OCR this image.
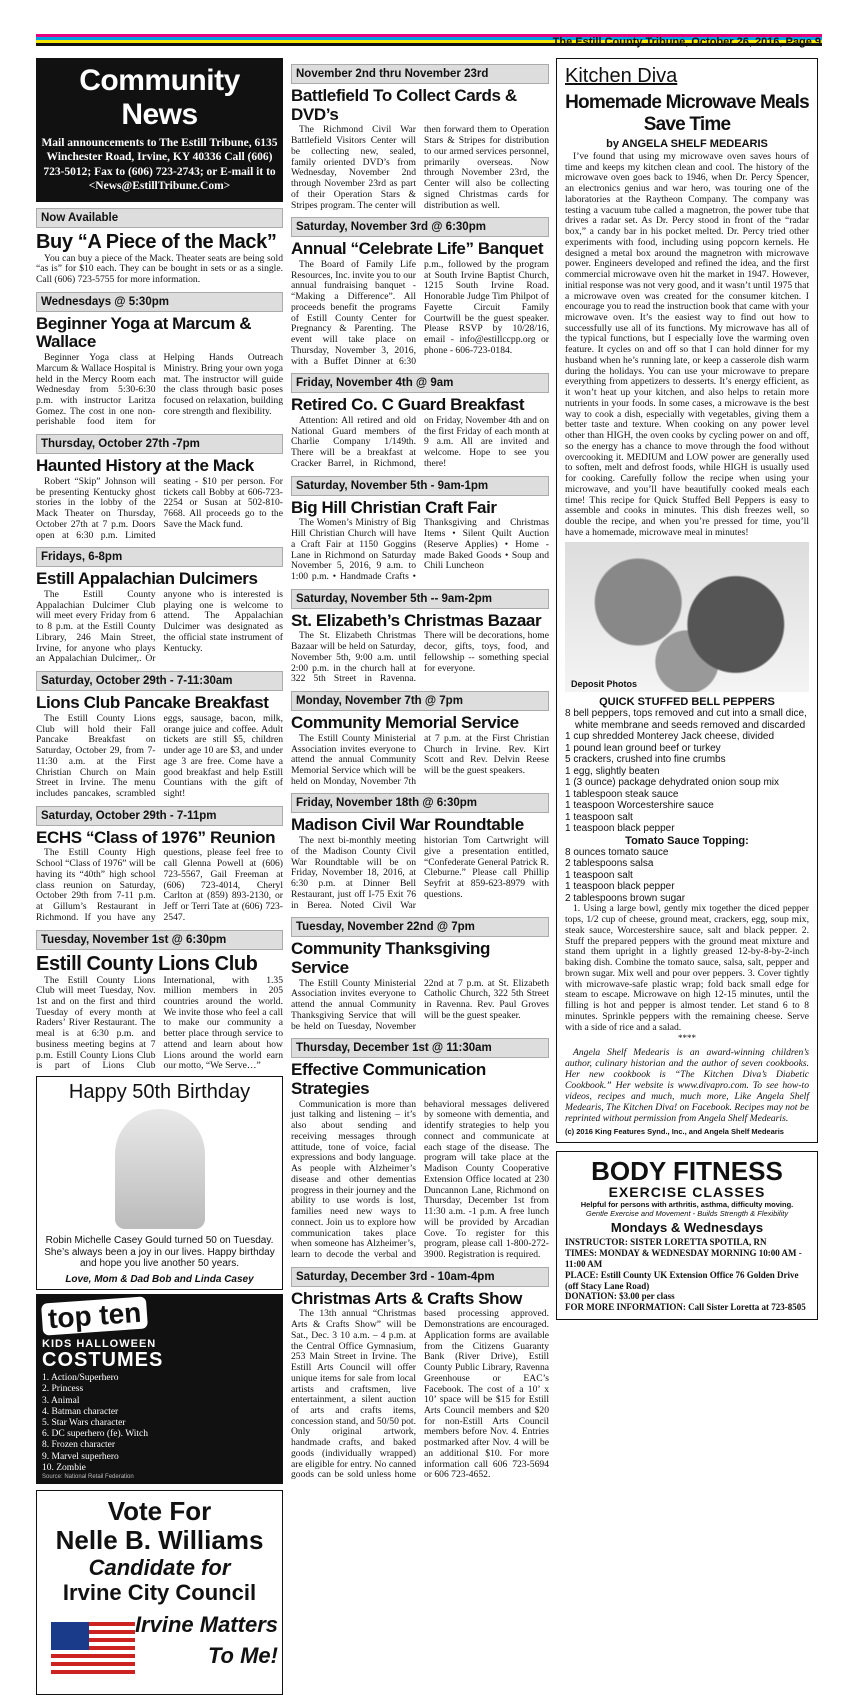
The Estill County Tribune, October 26, 2016, Page 9
Community News
Mail announcements to The Estill Tribune, 6135 Winchester Road, Irvine, KY 40336 Call (606) 723-5012; Fax to (606) 723-2743; or E-mail it to <News@EstillTribune.Com>
Now Available
Buy “A Piece of the Mack”
You can buy a piece of the Mack. Theater seats are being sold “as is” for $10 each. They can be bought in sets or as a single. Call (606) 723-5755 for more information.
Wednesdays @ 5:30pm
Beginner Yoga at Marcum & Wallace
Beginner Yoga class at Marcum & Wallace Hospital is held in the Mercy Room each Wednesday from 5:30-6:30 p.m. with instructor Laritza Gomez. The cost in one non-perishable food item for Helping Hands Outreach Ministry. Bring your own yoga mat. The instructor will guide the class through basic poses focused on relaxation, building core strength and flexibility.
Thursday, October 27th -7pm
Haunted History at the Mack
Robert “Skip” Johnson will be presenting Kentucky ghost stories in the lobby of the Mack Theater on Thursday, October 27th at 7 p.m. Doors open at 6:30 p.m. Limited seating - $10 per person. For tickets call Bobby at 606-723-2254 or Susan at 502-810-7668. All proceeds go to the Save the Mack fund.
Fridays, 6-8pm
Estill Appalachian Dulcimers
The Estill County Appalachian Dulcimer Club will meet every Friday from 6 to 8 p.m. at the Estill County Library, 246 Main Street, Irvine, for anyone who plays an Appalachian Dulcimer,. Or anyone who is interested is playing one is welcome to attend. The Appalachian Dulcimer was designated as the official state instrument of Kentucky.
Saturday, October 29th - 7-11:30am
Lions Club Pancake Breakfast
The Estill County Lions Club will hold their Fall Pancake Breakfast on Saturday, October 29, from 7-11:30 a.m. at the First Christian Church on Main Street in Irvine. The menu includes pancakes, scrambled eggs, sausage, bacon, milk, orange juice and coffee. Adult tickets are still $5, children under age 10 are $3, and under age 3 are free. Come have a good breakfast and help Estill Countians with the gift of sight!
Saturday, October 29th - 7-11pm
ECHS “Class of 1976” Reunion
The Estill County High School “Class of 1976” will be having its “40th” high school class reunion on Saturday, October 29th from 7-11 p.m. at Gillum’s Restaurant in Richmond. If you have any questions, please feel free to call Glenna Powell at (606) 723-5567, Gail Freeman at (606) 723-4014, Cheryl Carlton at (859) 893-2130, or Jeff or Terri Tate at (606) 723-2547.
Tuesday, November 1st @ 6:30pm
Estill County Lions Club
The Estill County Lions Club will meet Tuesday, Nov. 1st and on the first and third Tuesday of every month at Raders’ River Restaurant. The meal is at 6:30 p.m. and business meeting begins at 7 p.m. Estill County Lions Club is part of Lions Club International, with 1.35 million members in 205 countries around the world. We invite those who feel a call to make our community a better place through service to attend and learn about how Lions around the world earn our motto, “We Serve…”
Happy 50th Birthday
Robin Michelle Casey Gould turned 50 on Tuesday. She’s always been a joy in our lives. Happy birthday and hope you live another 50 years.
Love, Mom & Dad Bob and Linda Casey
top ten
KIDS HALLOWEEN
COSTUMES
1. Action/Superhero
2. Princess
3. Animal
4. Batman character
5. Star Wars character
6. DC superhero (fe). Witch
8. Frozen character
9. Marvel superhero
10. Zombie
Source: National Retail Federation
Vote For
Nelle B. Williams
Candidate for
Irvine City Council
Irvine Matters
To Me!
November 2nd thru November 23rd
Battlefield To Collect Cards & DVD’s
The Richmond Civil War Battlefield Visitors Center will be collecting new, sealed, family oriented DVD’s from Wednesday, November 2nd through November 23rd as part of their Operation Stars & Stripes program. The center will then forward them to Operation Stars & Stripes for distribution to our armed services personnel, primarily overseas. Now through November 23rd, the Center will also be collecting signed Christmas cards for distribution as well.
Saturday, November 3rd @ 6:30pm
Annual “Celebrate Life” Banquet
The Board of Family Life Resources, Inc. invite you to our annual fundraising banquet - “Making a Difference”. All proceeds benefit the programs of Estill County Center for Pregnancy & Parenting. The event will take place on Thursday, November 3, 2016, with a Buffet Dinner at 6:30 p.m., followed by the program at South Irvine Baptist Church, 1215 South Irvine Road. Honorable Judge Tim Philpot of Fayette Circuit Family Courtwill be the guest speaker. Please RSVP by 10/28/16, email - info@estillccpp.org or phone - 606-723-0184.
Friday, November 4th @ 9am
Retired Co. C Guard Breakfast
Attention: All retired and old National Guard members of Charlie Company 1/149th. There will be a breakfast at Cracker Barrel, in Richmond, on Friday, November 4th and on the first Friday of each month at 9 a.m. All are invited and welcome. Hope to see you there!
Saturday, November 5th - 9am-1pm
Big Hill Christian Craft Fair
The Women’s Ministry of Big Hill Christian Church will have a Craft Fair at 1150 Goggins Lane in Richmond on Saturday November 5, 2016, 9 a.m. to 1:00 p.m. • Handmade Crafts • Thanksgiving and Christmas Items • Silent Quilt Auction (Reserve Applies) • Home - made Baked Goods • Soup and Chili Luncheon
Saturday, November 5th -- 9am-2pm
St. Elizabeth’s Christmas Bazaar
The St. Elizabeth Christmas Bazaar will be held on Saturday, November 5th, 9:00 a.m. until 2:00 p.m. in the church hall at 322 5th Street in Ravenna. There will be decorations, home decor, gifts, toys, food, and fellowship -- something special for everyone.
Monday, November 7th @ 7pm
Community Memorial Service
The Estill County Ministerial Association invites everyone to attend the annual Community Memorial Service which will be held on Monday, November 7th at 7 p.m. at the First Christian Church in Irvine. Rev. Kirt Scott and Rev. Delvin Reese will be the guest speakers.
Friday, November 18th @ 6:30pm
Madison Civil War Roundtable
The next bi-monthly meeting of the Madison County Civil War Roundtable will be on Friday, November 18, 2016, at 6:30 p.m. at Dinner Bell Restaurant, just off I-75 Exit 76 in Berea. Noted Civil War historian Tom Cartwright will give a presentation entitled, “Confederate General Patrick R. Cleburne.” Please call Phillip Seyfrit at 859-623-8979 with questions.
Tuesday, November 22nd @ 7pm
Community Thanksgiving Service
The Estill County Ministerial Association invites everyone to attend the annual Community Thanksgiving Service that will be held on Tuesday, November 22nd at 7 p.m. at St. Elizabeth Catholic Church, 322 5th Street in Ravenna. Rev. Paul Groves will be the guest speaker.
Thursday, December 1st @ 11:30am
Effective Communication Strategies
Communication is more than just talking and listening – it’s also about sending and receiving messages through attitude, tone of voice, facial expressions and body language. As people with Alzheimer’s disease and other dementias progress in their journey and the ability to use words is lost, families need new ways to connect. Join us to explore how communication takes place when someone has Alzheimer’s, learn to decode the verbal and behavioral messages delivered by someone with dementia, and identify strategies to help you connect and communicate at each stage of the disease. The program will take place at the Madison County Cooperative Extension Office located at 230 Duncannon Lane, Richmond on Thursday, December 1st from 11:30 a.m. -1 p.m. A free lunch will be provided by Arcadian Cove. To register for this program, please call 1-800-272-3900. Registration is required.
Saturday, December 3rd - 10am-4pm
Christmas Arts & Crafts Show
The 13th annual “Christmas Arts & Crafts Show” will be Sat., Dec. 3 10 a.m. – 4 p.m. at the Central Office Gymnasium, 253 Main Street in Irvine. The Estill Arts Council will offer unique items for sale from local artists and craftsmen, live entertainment, a silent auction of arts and crafts items, concession stand, and 50/50 pot. Only original artwork, handmade crafts, and baked goods (individually wrapped) are eligible for entry. No canned goods can be sold unless home based processing approved. Demonstrations are encouraged. Application forms are available from the Citizens Guaranty Bank (River Drive), Estill County Public Library, Ravenna Greenhouse or EAC’s Facebook. The cost of a 10’ x 10’ space will be $15 for Estill Arts Council members and $20 for non-Estill Arts Council members before Nov. 4. Entries postmarked after Nov. 4 will be an additional $10. For more information call 606 723-5694 or 606 723-4652.
Kitchen Diva
Homemade Microwave Meals Save Time
by ANGELA SHELF MEDEARIS
I’ve found that using my microwave oven saves hours of time and keeps my kitchen clean and cool. The history of the microwave oven goes back to 1946, when Dr. Percy Spencer, an electronics genius and war hero, was touring one of the laboratories at the Raytheon Company. The company was testing a vacuum tube called a magnetron, the power tube that drives a radar set. As Dr. Percy stood in front of the “radar box,” a candy bar in his pocket melted. Dr. Percy tried other experiments with food, including using popcorn kernels. He designed a metal box around the magnetron with microwave power. Engineers developed and refined the idea, and the first commercial microwave oven hit the market in 1947. However, initial response was not very good, and it wasn’t until 1975 that a microwave oven was created for the consumer kitchen. I encourage you to read the instruction book that came with your microwave oven. It’s the easiest way to find out how to successfully use all of its functions. My microwave has all of the typical functions, but I especially love the warming oven feature. It cycles on and off so that I can hold dinner for my husband when he’s running late, or keep a casserole dish warm during the holidays. You can use your microwave to prepare everything from appetizers to desserts. It’s energy efficient, as it won’t heat up your kitchen, and also helps to retain more nutrients in your foods. In some cases, a microwave is the best way to cook a dish, especially with vegetables, giving them a better taste and texture. When cooking on any power level other than HIGH, the oven cooks by cycling power on and off, so the energy has a chance to move through the food without overcooking it. MEDIUM and LOW power are generally used to soften, melt and defrost foods, while HIGH is usually used for cooking. Carefully follow the recipe when using your microwave, and you’ll have beautifully cooked meals each time! This recipe for Quick Stuffed Bell Peppers is easy to assemble and cooks in minutes. This dish freezes well, so double the recipe, and when you’re pressed for time, you’ll have a homemade, microwave meal in minutes!
Deposit Photos
QUICK STUFFED BELL PEPPERS
8 bell peppers, tops removed and cut into a small dice, white membrane and seeds removed and discarded
1 cup shredded Monterey Jack cheese, divided
1 pound lean ground beef or turkey
5 crackers, crushed into fine crumbs
1 egg, slightly beaten
1 (3 ounce) package dehydrated onion soup mix
1 tablespoon steak sauce
1 teaspoon Worcestershire sauce
1 teaspoon salt
1 teaspoon black pepper
Tomato Sauce Topping:
8 ounces tomato sauce
2 tablespoons salsa
1 teaspoon salt
1 teaspoon black pepper
2 tablespoons brown sugar
1. Using a large bowl, gently mix together the diced pepper tops, 1/2 cup of cheese, ground meat, crackers, egg, soup mix, steak sauce, Worcestershire sauce, salt and black pepper. 2. Stuff the prepared peppers with the ground meat mixture and stand them upright in a lightly greased 12-by-8-by-2-inch baking dish. Combine the tomato sauce, salsa, salt, pepper and brown sugar. Mix well and pour over peppers. 3. Cover tightly with microwave-safe plastic wrap; fold back small edge for steam to escape. Microwave on high 12-15 minutes, until the filling is hot and pepper is almost tender. Let stand 6 to 8 minutes. Sprinkle peppers with the remaining cheese. Serve with a side of rice and a salad.
****
Angela Shelf Medearis is an award-winning children’s author, culinary historian and the author of seven cookbooks. Her new cookbook is “The Kitchen Diva’s Diabetic Cookbook.” Her website is www.divapro.com. To see how-to videos, recipes and much, much more, Like Angela Shelf Medearis, The Kitchen Diva! on Facebook. Recipes may not be reprinted without permission from Angela Shelf Medearis.
(c) 2016 King Features Synd., Inc., and Angela Shelf Medearis
BODY FITNESS
EXERCISE CLASSES
Helpful for persons with arthritis, asthma, difficulty moving.
Gentle Exercise and Movement - Builds Strength & Flexibility
Mondays & Wednesdays
INSTRUCTOR: SISTER LORETTA SPOTILA, RN
TIMES: MONDAY & WEDNESDAY MORNING 10:00 AM - 11:00 AM
PLACE: Estill County UK Extension Office 76 Golden Drive (off Stacy Lane Road)
DONATION: $3.00 per class
FOR MORE INFORMATION: Call Sister Loretta at 723-8505
